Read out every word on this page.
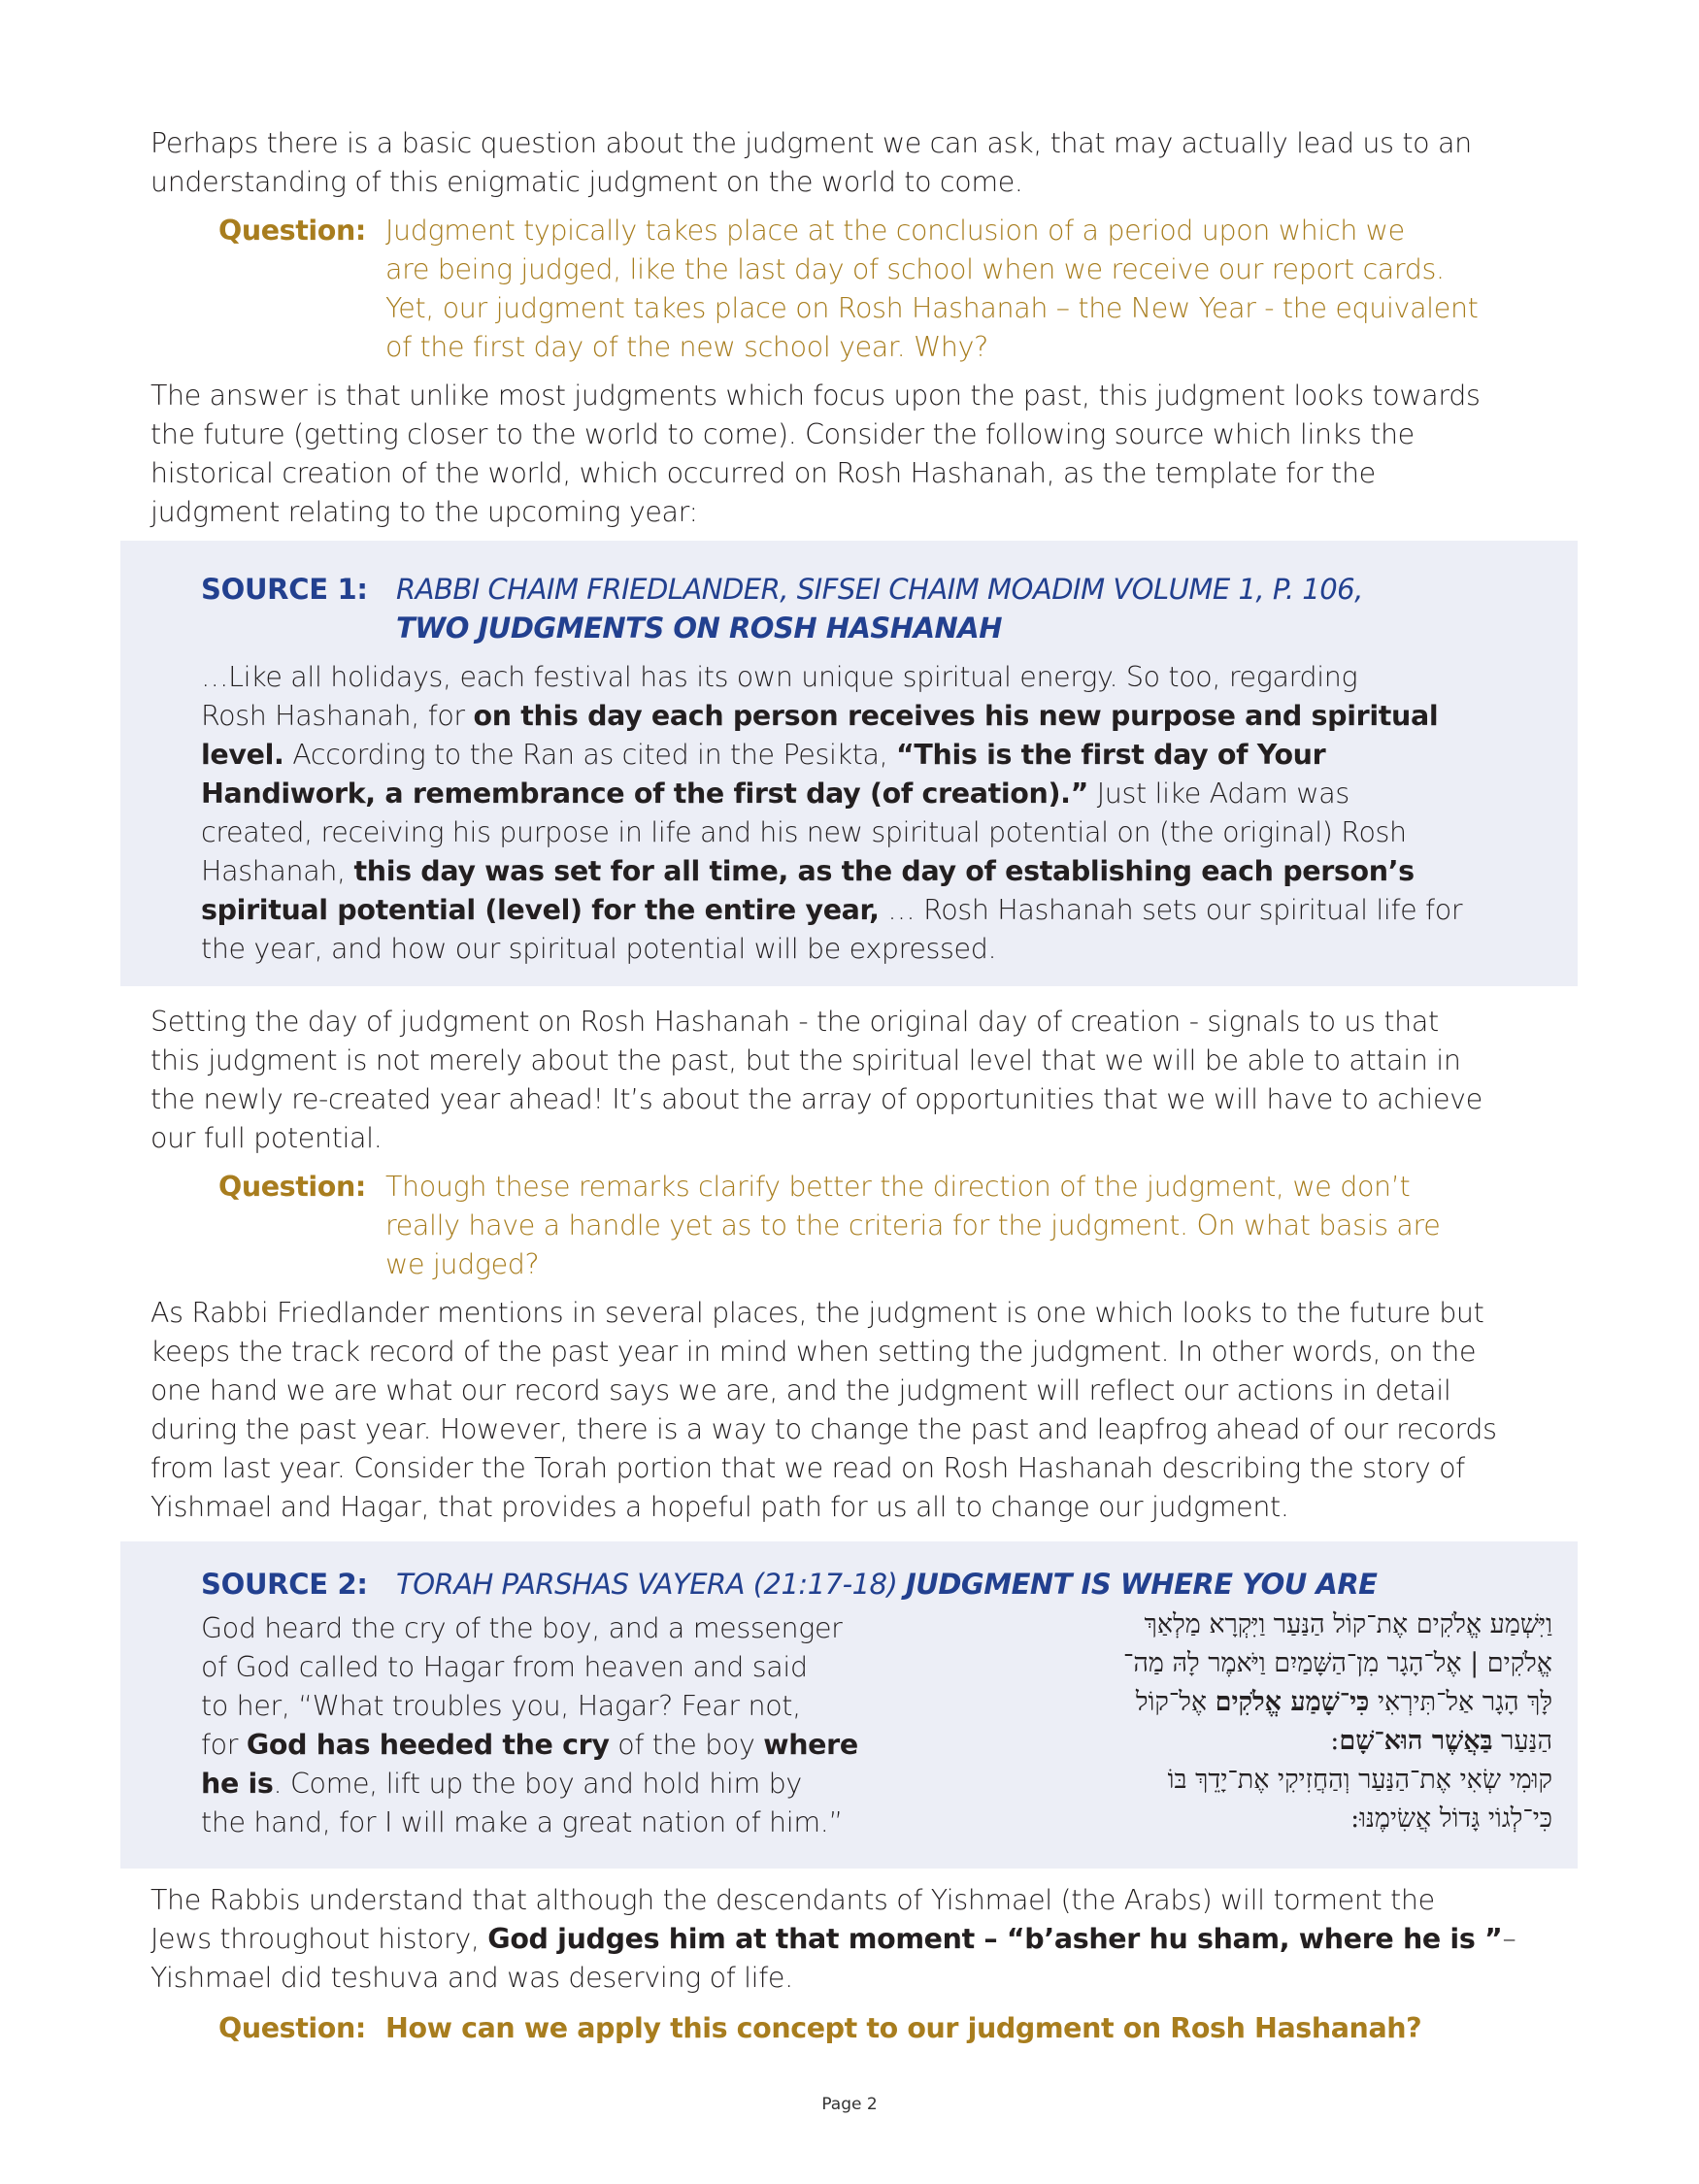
Perhaps there is a basic question about the judgment we can ask, that may actually lead us to an
understanding of this enigmatic judgment on the world to come.
Question: Judgment typically takes place at the conclusion of a period upon which we
are being judged, like the last day of school when we receive our report cards.
Yet, our judgment takes place on Rosh Hashanah – the New Year - the equivalent
of the first day of the new school year. Why?
The answer is that unlike most judgments which focus upon the past, this judgment looks towards
the future (getting closer to the world to come). Consider the following source which links the
historical creation of the world, which occurred on Rosh Hashanah, as the template for the
judgment relating to the upcoming year:
SOURCE 1: RABBI CHAIM FRIEDLANDER, SIFSEI CHAIM MOADIM VOLUME 1, P. 106,
TWO JUDGMENTS ON ROSH HASHANAH
…Like all holidays, each festival has its own unique spiritual energy. So too, regarding
Rosh Hashanah, for on this day each person receives his new purpose and spiritual
level. According to the Ran as cited in the Pesikta, “This is the first day of Your
Handiwork, a remembrance of the first day (of creation).” Just like Adam was
created, receiving his purpose in life and his new spiritual potential on (the original) Rosh
Hashanah, this day was set for all time, as the day of establishing each person’s
spiritual potential (level) for the entire year, … Rosh Hashanah sets our spiritual life for
the year, and how our spiritual potential will be expressed.
Setting the day of judgment on Rosh Hashanah - the original day of creation - signals to us that
this judgment is not merely about the past, but the spiritual level that we will be able to attain in
the newly re-created year ahead! It’s about the array of opportunities that we will have to achieve
our full potential.
Question: Though these remarks clarify better the direction of the judgment, we don’t
really have a handle yet as to the criteria for the judgment. On what basis are
we judged?
As Rabbi Friedlander mentions in several places, the judgment is one which looks to the future but
keeps the track record of the past year in mind when setting the judgment. In other words, on the
one hand we are what our record says we are, and the judgment will reflect our actions in detail
during the past year. However, there is a way to change the past and leapfrog ahead of our records
from last year. Consider the Torah portion that we read on Rosh Hashanah describing the story of
Yishmael and Hagar, that provides a hopeful path for us all to change our judgment.
SOURCE 2: TORAH PARSHAS VAYERA (21:17-18) JUDGMENT IS WHERE YOU ARE
God heard the cry of the boy, and a messenger
of God called to Hagar from heaven and said
to her, “What troubles you, Hagar? Fear not,
for God has heeded the cry of the boy where
he is. Come, lift up the boy and hold him by
the hand, for I will make a great nation of him.”
וַיִּשְׁמַע אֱלֹקִים אֶת־קוֹל הַנַּעַר וַיִּקְרָא מַלְאַךְ
אֱלֹקִים | אֶל־הָגָר מִן־הַשָּׁמַיִם וַיֹּאמֶר לָהּ מַה־
לָּךְ הָגָר אַל־תִּירְאִי כִּי־שָׁמַע אֱלֹקִים אֶל־קוֹל
הַנַּעַר בַּאֲשֶׁר הוּא־שָׁם:
קוּמִי שְׂאִי אֶת־הַנַּעַר וְהַחֲזִיקִי אֶת־יָדֵךְ בּוֹ
כִּי־לְגוֹי גָּדוֹל אֲשִׂימֶנּוּ:
The Rabbis understand that although the descendants of Yishmael (the Arabs) will torment the
Jews throughout history, God judges him at that moment – “b’asher hu sham, where he is ”–
Yishmael did teshuva and was deserving of life.
Question: How can we apply this concept to our judgment on Rosh Hashanah?
Page 2
